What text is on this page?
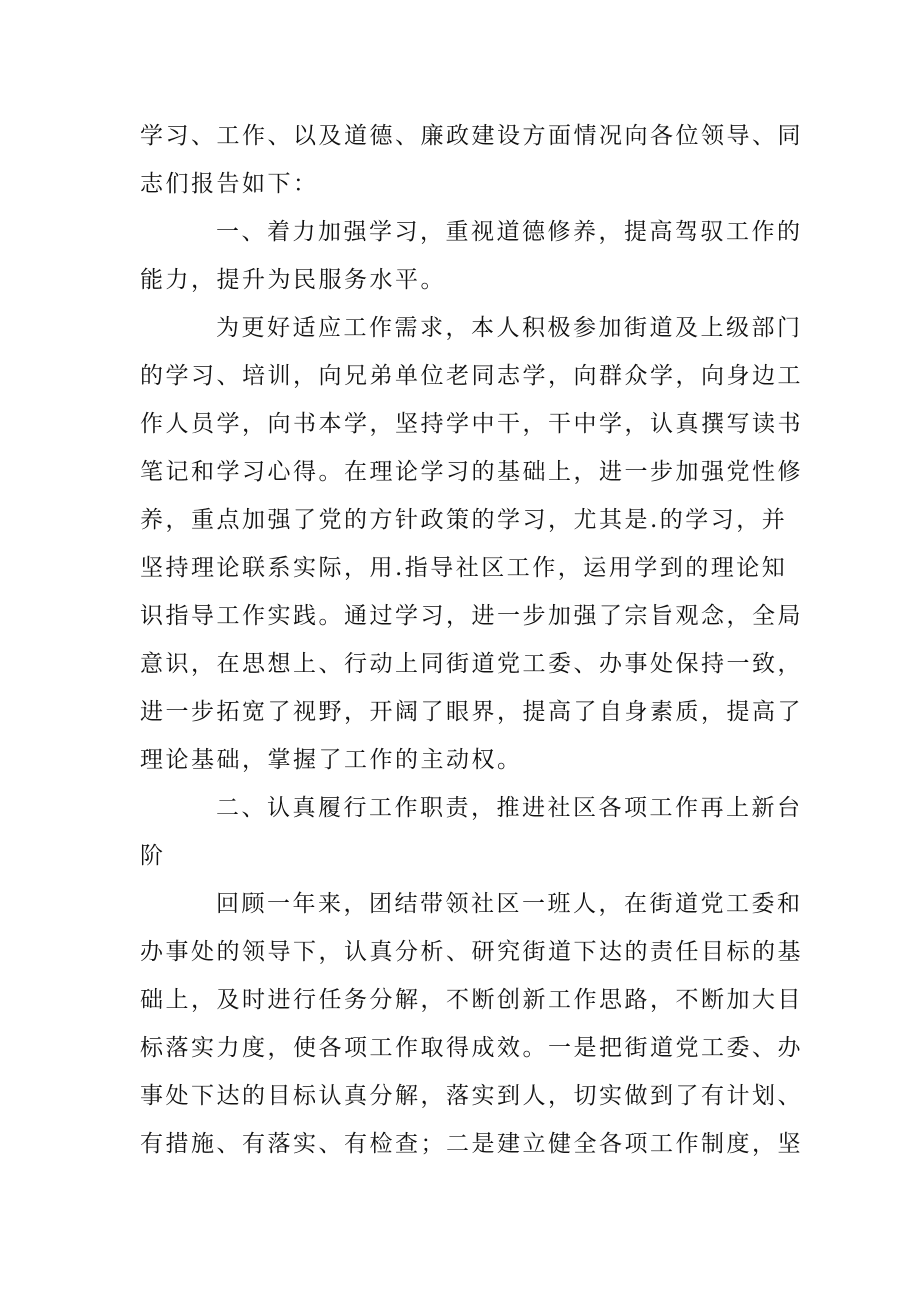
学习、工作、以及道德、廉政建设方面情况向各位领导、同
志们报告如下：
一、着力加强学习，重视道德修养，提高驾驭工作的
能力，提升为民服务水平。
为更好适应工作需求，本人积极参加街道及上级部门
的学习、培训，向兄弟单位老同志学，向群众学，向身边工
作人员学，向书本学，坚持学中干，干中学，认真撰写读书
笔记和学习心得。在理论学习的基础上，进一步加强党性修
养，重点加强了党的方针政策的学习，尤其是.的学习，并
坚持理论联系实际，用.指导社区工作，运用学到的理论知
识指导工作实践。通过学习，进一步加强了宗旨观念，全局
意识，在思想上、行动上同街道党工委、办事处保持一致，
进一步拓宽了视野，开阔了眼界，提高了自身素质，提高了
理论基础，掌握了工作的主动权。
二、认真履行工作职责，推进社区各项工作再上新台
阶
回顾一年来，团结带领社区一班人，在街道党工委和
办事处的领导下，认真分析、研究街道下达的责任目标的基
础上，及时进行任务分解，不断创新工作思路，不断加大目
标落实力度，使各项工作取得成效。一是把街道党工委、办
事处下达的目标认真分解，落实到人，切实做到了有计划、
有措施、有落实、有检查；二是建立健全各项工作制度，坚
